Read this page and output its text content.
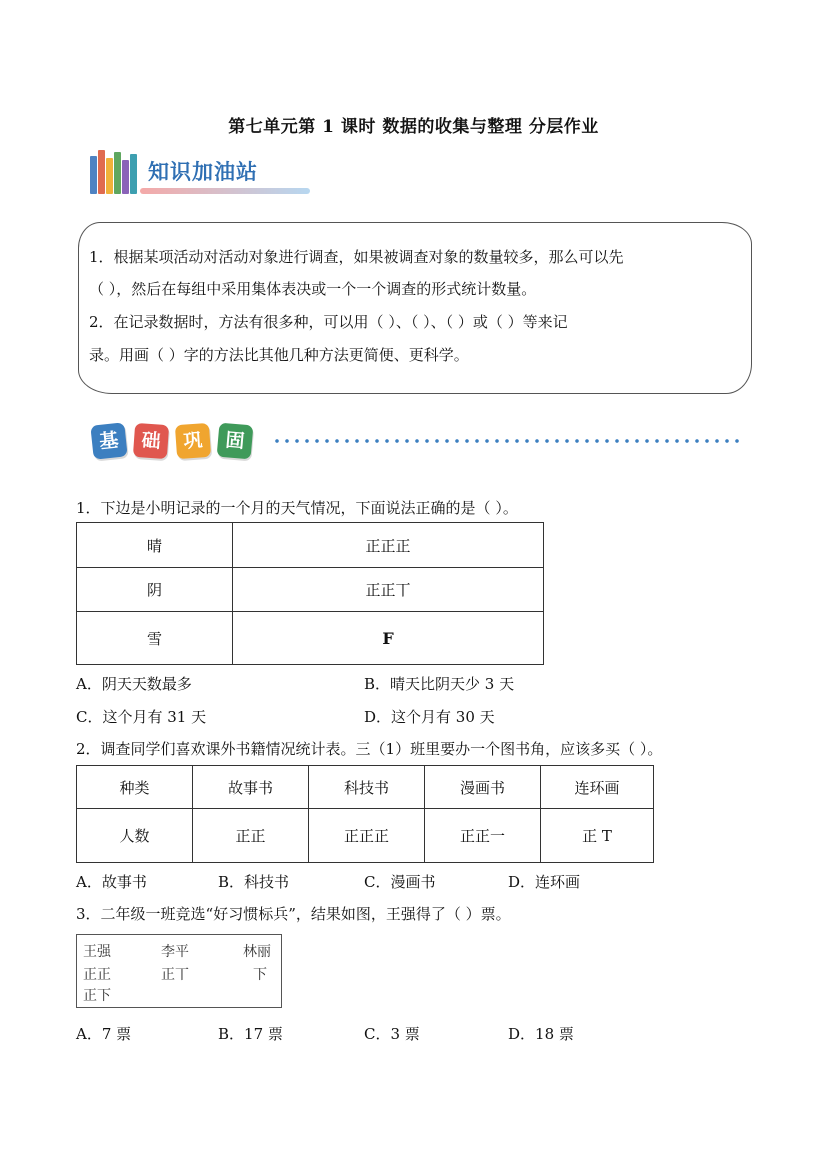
第七单元第 1 课时 数据的收集与整理 分层作业
知识加油站

1．根据某项活动对活动对象进行调查，如果被调查对象的数量较多，那么可以先

（ ），然后在每组中采用集体表决或一个一个调查的形式统计数量。

2．在记录数据时，方法有很多种，可以用（ ）、（ ）、（ ）或（ ）等来记

录。用画（ ）字的方法比其他几种方法更简便、更科学。

基	础	巩	固
1．下边是小明记录的一个月的天气情况，下面说法正确的是（ ）。
晴	正正正
阴	正正丅
雪	F
A．阴天天数最多	B．晴天比阴天少 3 天
C．这个月有 31 天	D．这个月有 30 天
2．调查同学们喜欢课外书籍情况统计表。三（1）班里要办一个图书角，应该多买（ ）。
种类	故事书	科技书	漫画书	连环画
人数	正正	正正正	正正一	正 T
A．故事书	B．科技书	C．漫画书	D．连环画
3．二年级一班竞选“好习惯标兵”，结果如图，王强得了（ ）票。
王强	李平	林丽
正正	正丅	下
正下
A．7 票	B．17 票	C．3 票	D．18 票
